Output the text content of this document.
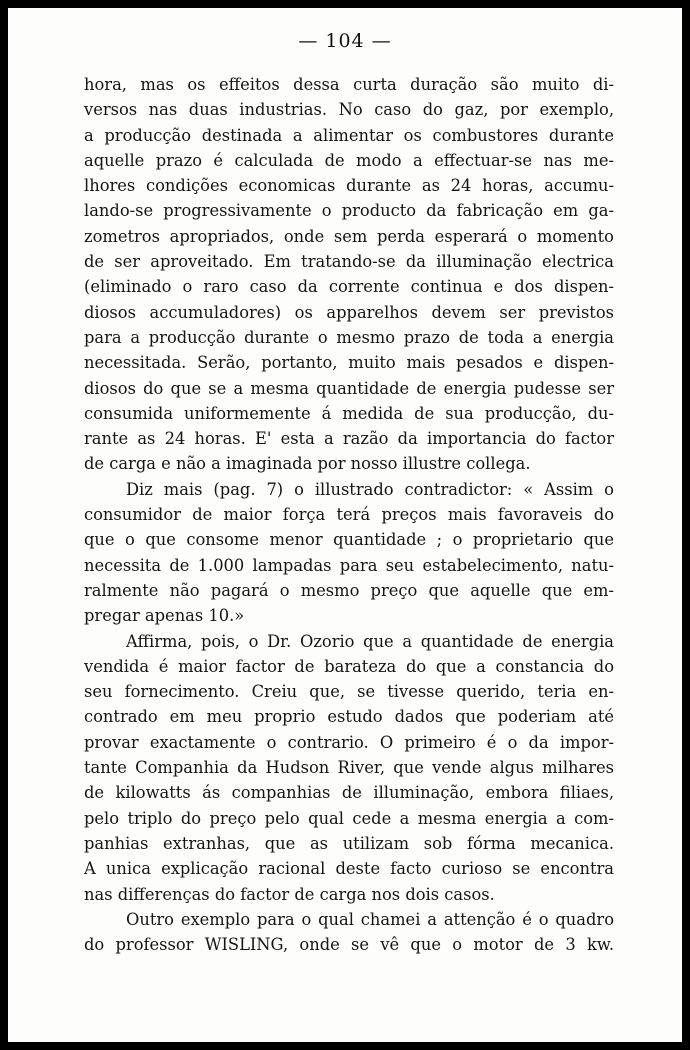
— 104 —
hora, mas os effeitos dessa curta duração são muito di-
versos nas duas industrias. No caso do gaz, por exemplo,
a producção destinada a alimentar os combustores durante
aquelle prazo é calculada de modo a effectuar-se nas me-
lhores condições economicas durante as 24 horas, accumu-
lando-se progressivamente o producto da fabricação em ga-
zometros apropriados, onde sem perda esperará o momento
de ser aproveitado. Em tratando-se da illuminação electrica
(eliminado o raro caso da corrente continua e dos dispen-
diosos accumuladores) os apparelhos devem ser previstos
para a producção durante o mesmo prazo de toda a energia
necessitada. Serão, portanto, muito mais pesados e dispen-
diosos do que se a mesma quantidade de energia pudesse ser
consumida uniformemente á medida de sua producção, du-
rante as 24 horas. E' esta a razão da importancia do factor
de carga e não a imaginada por nosso illustre collega.
Diz mais (pag. 7) o illustrado contradictor: « Assim o
consumidor de maior força terá preços mais favoraveis do
que o que consome menor quantidade ; o proprietario que
necessita de 1.000 lampadas para seu estabelecimento, natu-
ralmente não pagará o mesmo preço que aquelle que em-
pregar apenas 10.»
Affirma, pois, o Dr. Ozorio que a quantidade de energia
vendida é maior factor de barateza do que a constancia do
seu fornecimento. Creiu que, se tivesse querido, teria en-
contrado em meu proprio estudo dados que poderiam até
provar exactamente o contrario. O primeiro é o da impor-
tante Companhia da Hudson River, que vende algus milhares
de kilowatts ás companhias de illuminação, embora filiaes,
pelo triplo do preço pelo qual cede a mesma energia a com-
panhias extranhas, que as utilizam sob fórma mecanica.
A unica explicação racional deste facto curioso se encontra
nas differenças do factor de carga nos dois casos.
Outro exemplo para o qual chamei a attenção é o quadro
do professor WISLING, onde se vê que o motor de 3 kw.
